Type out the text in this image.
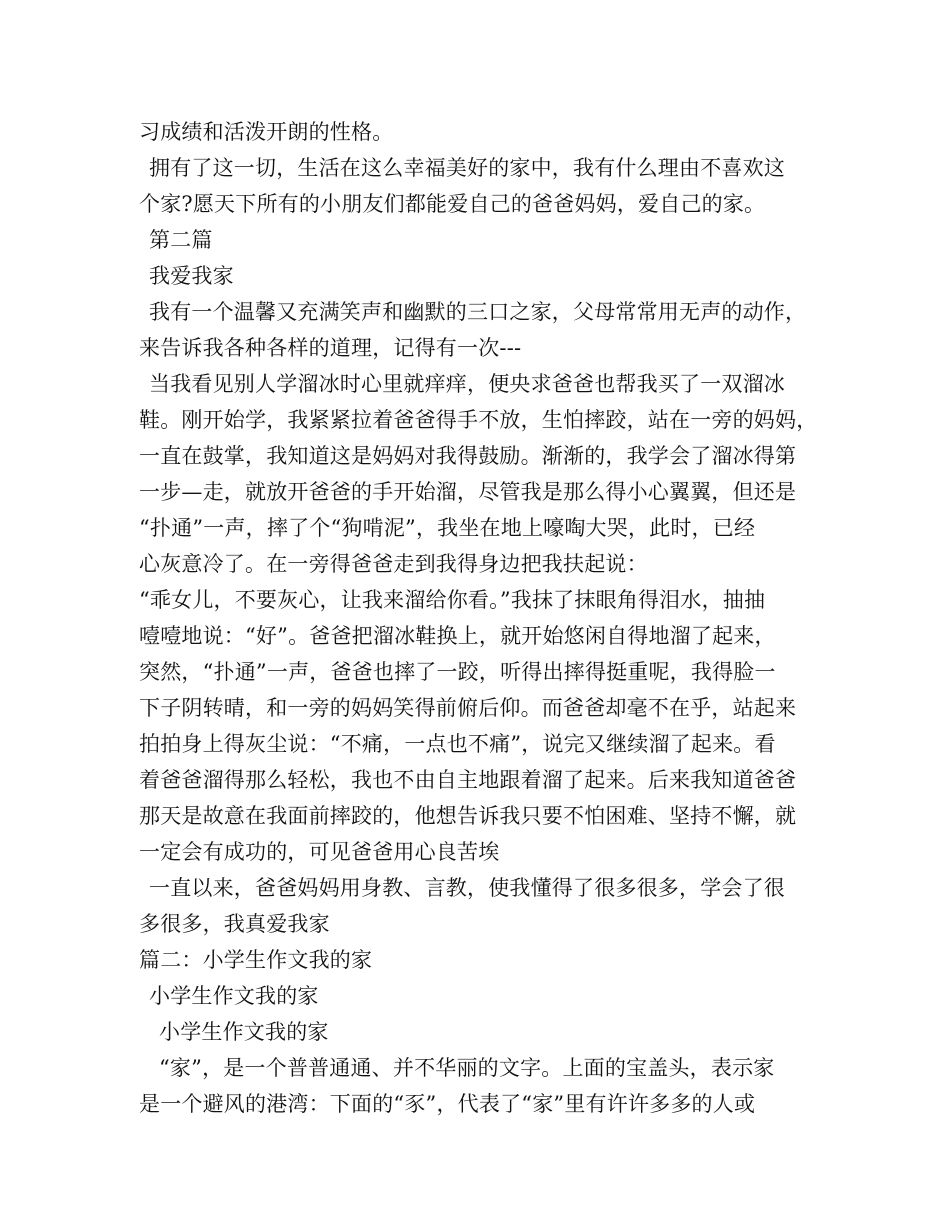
习成绩和活泼开朗的性格。
拥有了这一切，生活在这么幸福美好的家中，我有什么理由不喜欢这
个家?愿天下所有的小朋友们都能爱自己的爸爸妈妈，爱自己的家。
第二篇
我爱我家
我有一个温馨又充满笑声和幽默的三口之家，父母常常用无声的动作，
来告诉我各种各样的道理，记得有一次---
当我看见别人学溜冰时心里就痒痒，便央求爸爸也帮我买了一双溜冰
鞋。刚开始学，我紧紧拉着爸爸得手不放，生怕摔跤，站在一旁的妈妈，
一直在鼓掌，我知道这是妈妈对我得鼓励。渐渐的，我学会了溜冰得第
一步—走，就放开爸爸的手开始溜，尽管我是那么得小心翼翼，但还是
“扑通”一声，摔了个“狗啃泥”，我坐在地上嚎啕大哭，此时，已经
心灰意冷了。在一旁得爸爸走到我得身边把我扶起说：
“乖女儿，不要灰心，让我来溜给你看。”我抹了抹眼角得泪水，抽抽
噎噎地说：“好”。爸爸把溜冰鞋换上，就开始悠闲自得地溜了起来，
突然，“扑通”一声，爸爸也摔了一跤，听得出摔得挺重呢，我得脸一
下子阴转晴，和一旁的妈妈笑得前俯后仰。而爸爸却毫不在乎，站起来
拍拍身上得灰尘说：“不痛，一点也不痛”，说完又继续溜了起来。看
着爸爸溜得那么轻松，我也不由自主地跟着溜了起来。后来我知道爸爸
那天是故意在我面前摔跤的，他想告诉我只要不怕困难、坚持不懈，就
一定会有成功的，可见爸爸用心良苦埃
一直以来，爸爸妈妈用身教、言教，使我懂得了很多很多，学会了很
多很多，我真爱我家
篇二：小学生作文我的家
小学生作文我的家
小学生作文我的家
“家”，是一个普普通通、并不华丽的文字。上面的宝盖头，表示家
是一个避风的港湾：下面的“豕”，代表了“家”里有许许多多的人或
